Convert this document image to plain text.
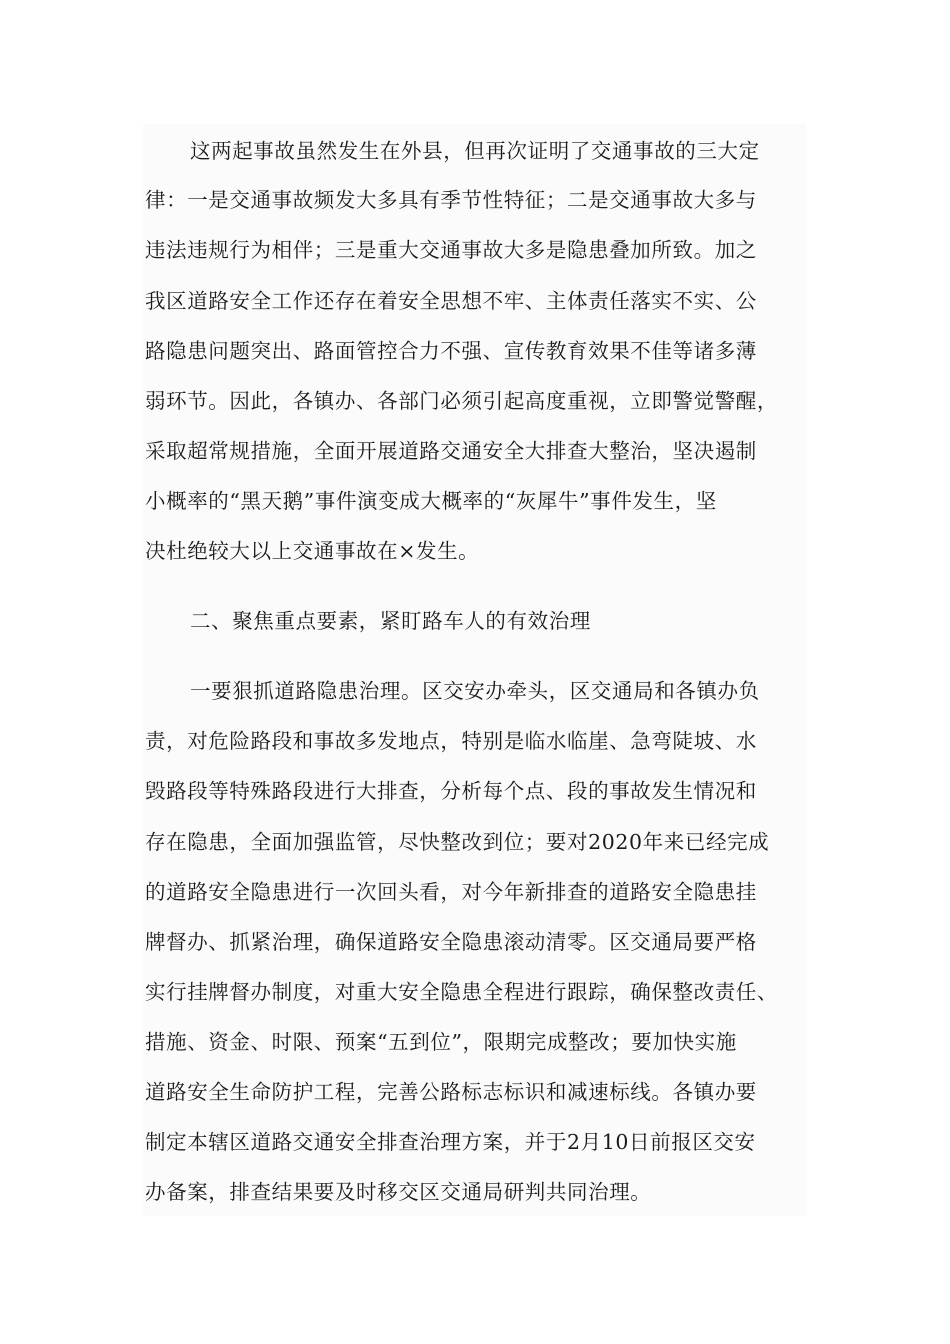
这两起事故虽然发生在外县，但再次证明了交通事故的三大定
律：一是交通事故频发大多具有季节性特征；二是交通事故大多与
违法违规行为相伴；三是重大交通事故大多是隐患叠加所致。加之
我区道路安全工作还存在着安全思想不牢、主体责任落实不实、公
路隐患问题突出、路面管控合力不强、宣传教育效果不佳等诸多薄
弱环节。因此，各镇办、各部门必须引起高度重视，立即警觉警醒，
采取超常规措施，全面开展道路交通安全大排查大整治，坚决遏制
小概率的“黑天鹅”事件演变成大概率的“灰犀牛”事件发生，坚
决杜绝较大以上交通事故在×发生。
二、聚焦重点要素，紧盯路车人的有效治理
一要狠抓道路隐患治理。区交安办牵头，区交通局和各镇办负
责，对危险路段和事故多发地点，特别是临水临崖、急弯陡坡、水
毁路段等特殊路段进行大排查，分析每个点、段的事故发生情况和
存在隐患，全面加强监管，尽快整改到位；要对2020年来已经完成
的道路安全隐患进行一次回头看，对今年新排查的道路安全隐患挂
牌督办、抓紧治理，确保道路安全隐患滚动清零。区交通局要严格
实行挂牌督办制度，对重大安全隐患全程进行跟踪，确保整改责任、
措施、资金、时限、预案“五到位”，限期完成整改；要加快实施
道路安全生命防护工程，完善公路标志标识和减速标线。各镇办要
制定本辖区道路交通安全排查治理方案，并于2月10日前报区交安
办备案，排查结果要及时移交区交通局研判共同治理。
